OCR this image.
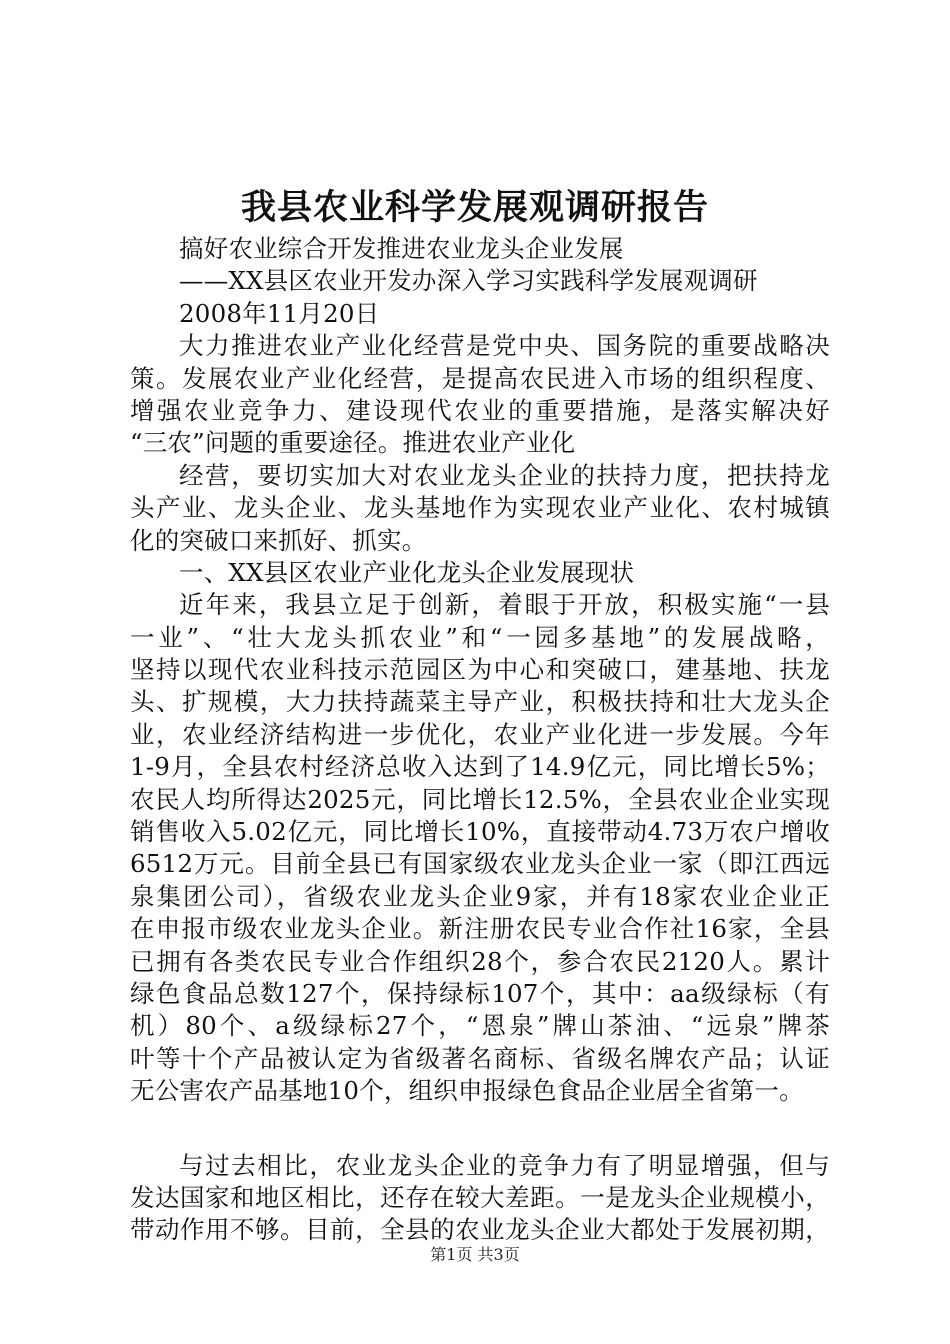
我县农业科学发展观调研报告
搞好农业综合开发推进农业龙头企业发展
——XX县区农业开发办深入学习实践科学发展观调研
2008年11月20日
大力推进农业产业化经营是党中央、国务院的重要战略决
策。发展农业产业化经营，是提高农民进入市场的组织程度、
增强农业竞争力、建设现代农业的重要措施，是落实解决好
“三农”问题的重要途径。推进农业产业化
经营，要切实加大对农业龙头企业的扶持力度，把扶持龙
头产业、龙头企业、龙头基地作为实现农业产业化、农村城镇
化的突破口来抓好、抓实。
一、XX县区农业产业化龙头企业发展现状
近年来，我县立足于创新，着眼于开放，积极实施“一县
一业”、“壮大龙头抓农业”和“一园多基地”的发展战略，
坚持以现代农业科技示范园区为中心和突破口，建基地、扶龙
头、扩规模，大力扶持蔬菜主导产业，积极扶持和壮大龙头企
业，农业经济结构进一步优化，农业产业化进一步发展。今年
1-9月，全县农村经济总收入达到了14.9亿元，同比增长5%；
农民人均所得达2025元，同比增长12.5%，全县农业企业实现
销售收入5.02亿元，同比增长10%，直接带动4.73万农户增收
6512万元。目前全县已有国家级农业龙头企业一家（即江西远
泉集团公司），省级农业龙头企业9家，并有18家农业企业正
在申报市级农业龙头企业。新注册农民专业合作社16家，全县
已拥有各类农民专业合作组织28个，参合农民2120人。累计
绿色食品总数127个，保持绿标107个，其中：aa级绿标（有
机）80个、a级绿标27个，“恩泉”牌山茶油、“远泉”牌茶
叶等十个产品被认定为省级著名商标、省级名牌农产品；认证
无公害农产品基地10个，组织申报绿色食品企业居全省第一。
与过去相比，农业龙头企业的竞争力有了明显增强，但与
发达国家和地区相比，还存在较大差距。一是龙头企业规模小，
带动作用不够。目前，全县的农业龙头企业大都处于发展初期，
第1页 共3页
